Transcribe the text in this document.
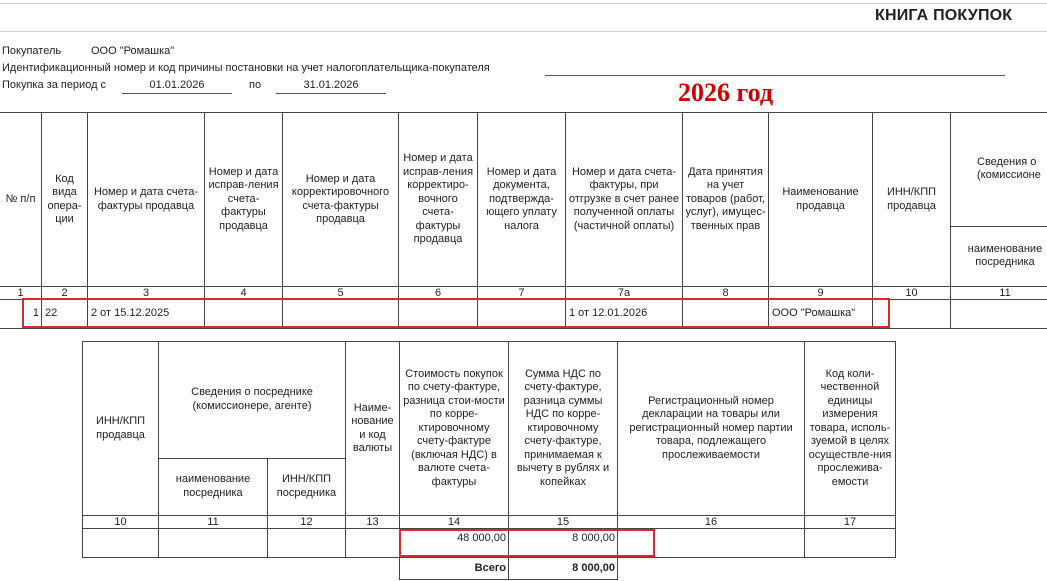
КНИГА ПОКУПОК
Покупатель	ООО "Ромашка"
Идентификационный номер и код причины постановки на учет налогоплательщика-покупателя
Покупка за период с	01.01.2026	по	31.01.2026	2026 год
№ п/п	Код вида опера-ции	Номер и дата счета-фактуры продавца	Номер и дата исправ-ления счета-фактуры продавца	Номер и дата корректировочного счета-фактуры продавца	Номер и дата исправ-ления корректиро-вочного счета-фактуры продавца	Номер и дата документа, подтвержда-ющего уплату налога	Номер и дата счета-фактуры, при отгрузке в счет ранее полученной оплаты (частичной оплаты)	Дата принятия на учет товаров (работ, услуг), имущес-твенных прав	Наименование продавца	ИНН/КПП продавца	Сведения о (комиссионе
											наименование посредника
1	2	3	4	5	6	7	7а	8	9	10	11
1	22	2 от 15.12.2025					1 от 12.01.2026		ООО "Ромашка"		
ИНН/КПП продавца	Сведения о посреднике (комиссионере, агенте)		Наиме-нование и код валюты	Стоимость покупок по счету-фактуре, разница стои-мости по корре-ктировочному счету-фактуре (включая НДС) в валюте счета-фактуры	Сумма НДС по счету-фактуре, разница суммы НДС по корре-ктировочному счету-фактуре, принимаемая к вычету в рублях и копейках	Регистрационный номер декларации на товары или регистрационный номер партии товара, подлежащего прослеживаемости	Код коли-чественной единицы измерения товара, исполь-зуемой в целях осуществле-ния прослежива-емости
	наименование посредника	ИНН/КПП посредника					
10	11	12	13	14	15	16	17
				48 000,00	8 000,00		
				Всего	8 000,00		
